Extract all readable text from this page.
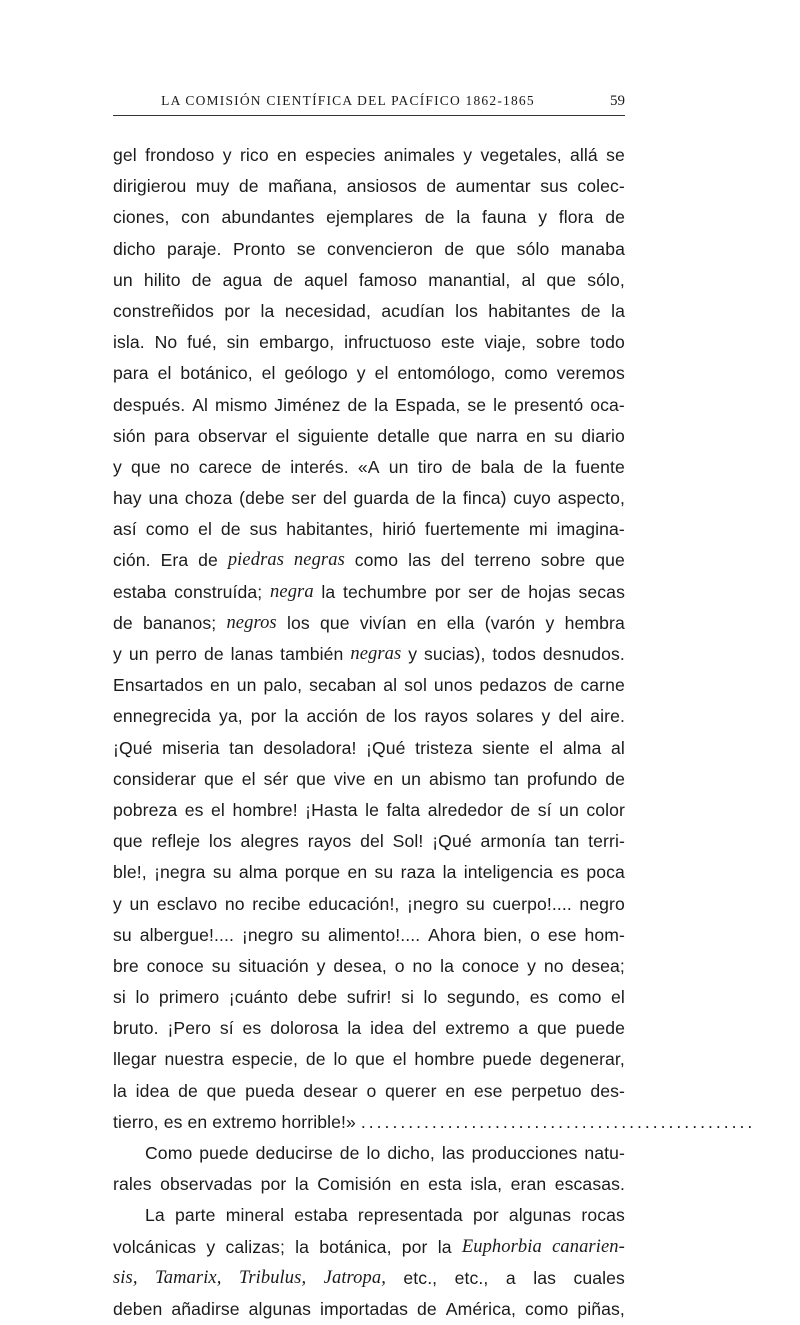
LA COMISIÓN CIENTÍFICA DEL PACÍFICO 1862-1865	59
gel frondoso y rico en especies animales y vegetales, allá se
dirigierou muy de mañana, ansiosos de aumentar sus colec-
ciones, con abundantes ejemplares de la fauna y flora de
dicho paraje. Pronto se convencieron de que sólo manaba
un hilito de agua de aquel famoso manantial, al que sólo,
constreñidos por la necesidad, acudían los habitantes de la
isla. No fué, sin embargo, infructuoso este viaje, sobre todo
para el botánico, el geólogo y el entomólogo, como veremos
después. Al mismo Jiménez de la Espada, se le presentó oca-
sión para observar el siguiente detalle que narra en su diario
y que no carece de interés. «A un tiro de bala de la fuente
hay una choza (debe ser del guarda de la finca) cuyo aspecto,
así como el de sus habitantes, hirió fuertemente mi imagina-
ción. Era de piedras negras como las del terreno sobre que
estaba construída; negra la techumbre por ser de hojas secas
de bananos; negros los que vivían en ella (varón y hembra
y un perro de lanas también negras y sucias), todos desnudos.
Ensartados en un palo, secaban al sol unos pedazos de carne
ennegrecida ya, por la acción de los rayos solares y del aire.
¡Qué miseria tan desoladora! ¡Qué tristeza siente el alma al
considerar que el sér que vive en un abismo tan profundo de
pobreza es el hombre! ¡Hasta le falta alrededor de sí un color
que refleje los alegres rayos del Sol! ¡Qué armonía tan terri-
ble!, ¡negra su alma porque en su raza la inteligencia es poca
y un esclavo no recibe educación!, ¡negro su cuerpo!.... negro
su albergue!.... ¡negro su alimento!.... Ahora bien, o ese hom-
bre conoce su situación y desea, o no la conoce y no desea;
si lo primero ¡cuánto debe sufrir! si lo segundo, es como el
bruto. ¡Pero sí es dolorosa la idea del extremo a que puede
llegar nuestra especie, de lo que el hombre puede degenerar,
la idea de que pueda desear o querer en ese perpetuo des-
tierro, es en extremo horrible!» ..................................................
Como puede deducirse de lo dicho, las producciones natu-
rales observadas por la Comisión en esta isla, eran escasas.
La parte mineral estaba representada por algunas rocas
volcánicas y calizas; la botánica, por la Euphorbia canarien-
sis, Tamarix, Tribulus, Jatropa, etc., etc., a las cuales
deben añadirse algunas importadas de América, como piñas,
